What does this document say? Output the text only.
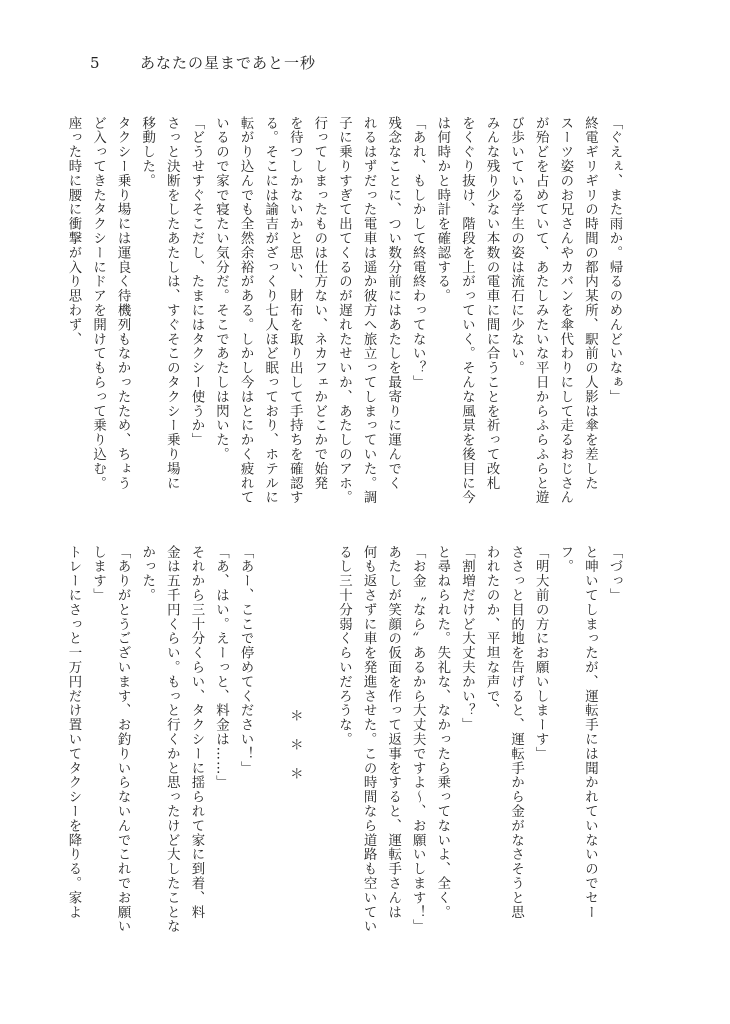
5	あなたの星まであと一秒
「ぐえぇ、また雨か。帰るのめんどいなぁ」
終電ギリギリの時間の都内某所、駅前の人影は傘を差した
スーツ姿のお兄さんやカバンを傘代わりにして走るおじさん
が殆どを占めていて、あたしみたいな平日からふらふらと遊
び歩いている学生の姿は流石に少ない。
みんな残り少ない本数の電車に間に合うことを祈って改札
をくぐり抜け、階段を上がっていく。そんな風景を後目に今
は何時かと時計を確認する。
「あれ、もしかして終電終わってない？」
残念なことに、つい数分前にはあたしを最寄りに運んでく
れるはずだった電車は遥か彼方へ旅立ってしまっていた。調
子に乗りすぎて出てくるのが遅れたせいか、あたしのアホ。
行ってしまったものは仕方ない、ネカフェかどこかで始発
を待つしかないかと思い、財布を取り出して手持ちを確認す
る。そこには諭吉がざっくり七人ほど眠っており、ホテルに
転がり込んでも全然余裕がある。しかし今はとにかく疲れて
いるので家で寝たい気分だ。そこであたしは閃いた。
「どうせすぐそこだし、たまにはタクシー使うか」
さっと決断をしたあたしは、すぐそこのタクシー乗り場に
移動した。
タクシー乗り場には運良く待機列もなかったため、ちょう
ど入ってきたタクシーにドアを開けてもらって乗り込む。
座った時に腰に衝撃が入り思わず、
「づっ」
と呻いてしまったが、運転手には聞かれていないのでセー
フ。
「明大前の方にお願いしまーす」
ささっと目的地を告げると、運転手から金がなさそうと思
われたのか、平坦な声で、
「割増だけど大丈夫かい？」
と尋ねられた。失礼な、なかったら乗ってないよ、全く。
「お金〝なら〟あるから大丈夫ですよ〜、お願いします！」
あたしが笑顔の仮面を作って返事をすると、運転手さんは
何も返さずに車を発進させた。この時間なら道路も空いてい
るし三十分弱くらいだろうな。
＊　＊　＊
「あー、ここで停めてください！」
「あ、はい。えーっと、料金は……」
それから三十分くらい、タクシーに揺られて家に到着、料
金は五千円くらい。もっと行くかと思ったけど大したことな
かった。
「ありがとうございます、お釣りいらないんでこれでお願い
します」
トレーにさっと一万円だけ置いてタクシーを降りる。家よ
